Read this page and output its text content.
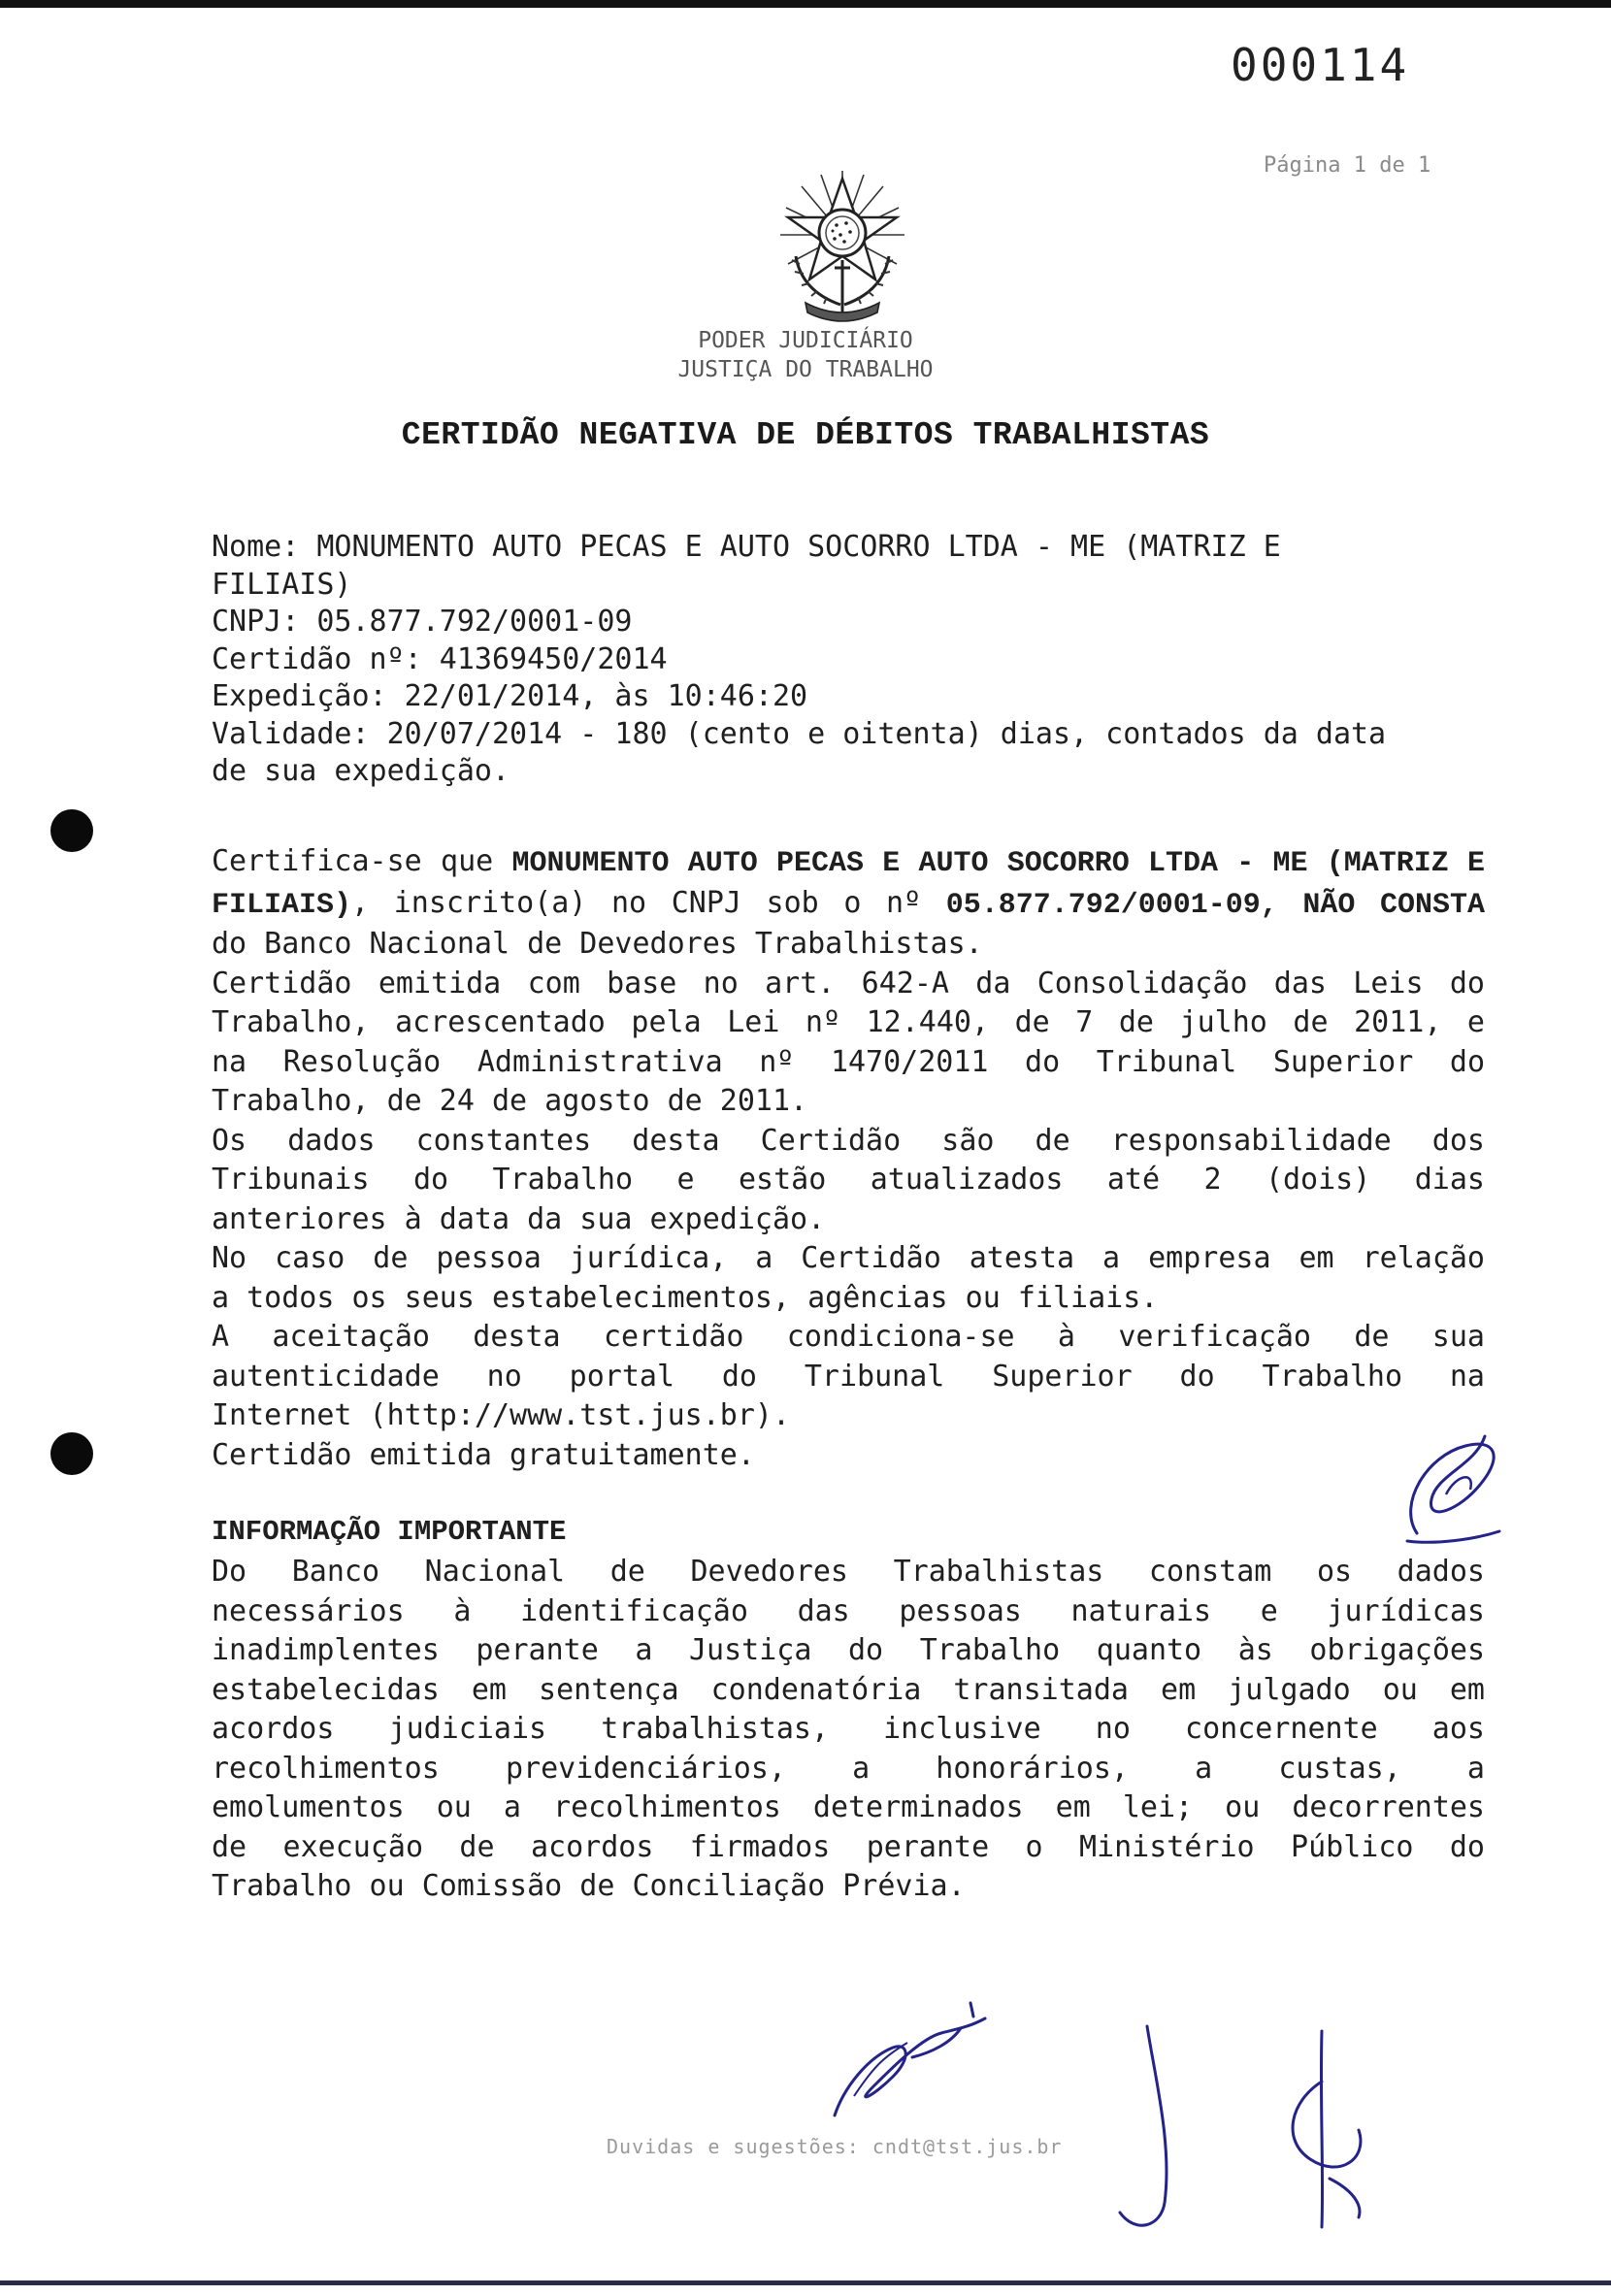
000114
Página 1 de 1
PODER JUDICIÁRIO
JUSTIÇA DO TRABALHO
CERTIDÃO NEGATIVA DE DÉBITOS TRABALHISTAS
Nome: MONUMENTO AUTO PECAS E AUTO SOCORRO LTDA - ME (MATRIZ E
FILIAIS)
CNPJ: 05.877.792/0001-09
Certidão nº: 41369450/2014
Expedição: 22/01/2014, às 10:46:20
Validade: 20/07/2014 - 180 (cento e oitenta) dias, contados da data
de sua expedição.
Certifica-se que MONUMENTO AUTO PECAS E AUTO SOCORRO LTDA - ME (MATRIZ E
FILIAIS), inscrito(a) no CNPJ sob o nº 05.877.792/0001-09, NÃO CONSTA
do Banco Nacional de Devedores Trabalhistas.
Certidão emitida com base no art. 642-A da Consolidação das Leis do
Trabalho, acrescentado pela Lei nº 12.440, de 7 de julho de 2011, e
na Resolução Administrativa nº 1470/2011 do Tribunal Superior do
Trabalho, de 24 de agosto de 2011.
Os dados constantes desta Certidão são de responsabilidade dos
Tribunais do Trabalho e estão atualizados até 2 (dois) dias
anteriores à data da sua expedição.
No caso de pessoa jurídica, a Certidão atesta a empresa em relação
a todos os seus estabelecimentos, agências ou filiais.
A aceitação desta certidão condiciona-se à verificação de sua
autenticidade no portal do Tribunal Superior do Trabalho na
Internet (http://www.tst.jus.br).
Certidão emitida gratuitamente.
INFORMAÇÃO IMPORTANTE
Do Banco Nacional de Devedores Trabalhistas constam os dados
necessários à identificação das pessoas naturais e jurídicas
inadimplentes perante a Justiça do Trabalho quanto às obrigações
estabelecidas em sentença condenatória transitada em julgado ou em
acordos judiciais trabalhistas, inclusive no concernente aos
recolhimentos previdenciários, a honorários, a custas, a
emolumentos ou a recolhimentos determinados em lei; ou decorrentes
de execução de acordos firmados perante o Ministério Público do
Trabalho ou Comissão de Conciliação Prévia.
Duvidas e sugestões: cndt@tst.jus.br
